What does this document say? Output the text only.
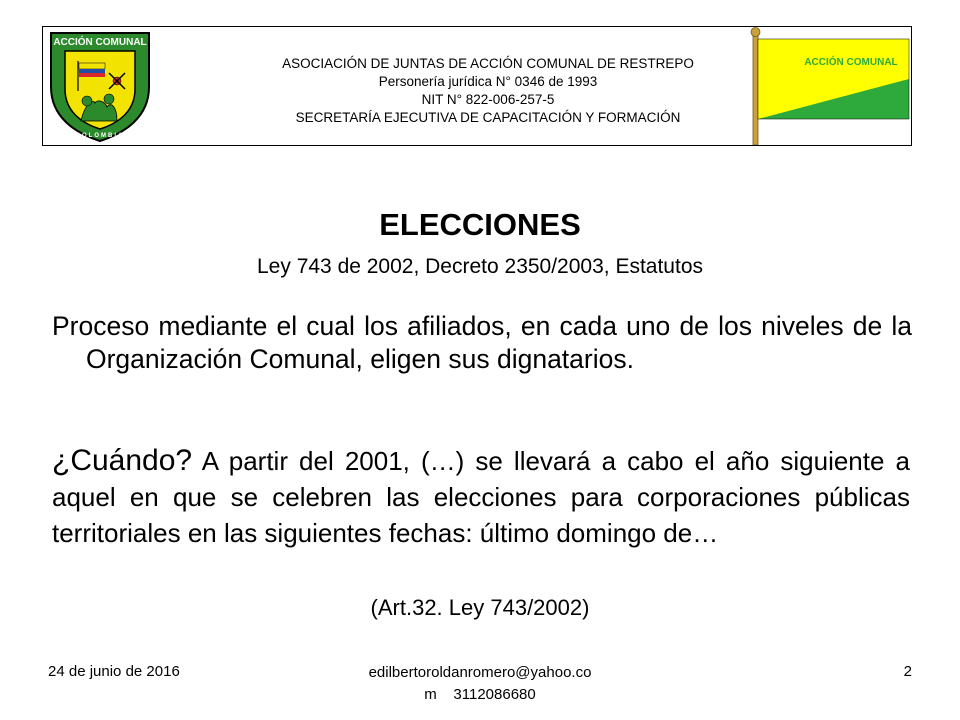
ACCIÓN COMUNAL
COLOMBIA
ASOCIACIÓN DE JUNTAS DE ACCIÓN COMUNAL DE RESTREPO
Personería jurídica N° 0346 de 1993
NIT N° 822-006-257-5
SECRETARÍA EJECUTIVA DE CAPACITACIÓN Y FORMACIÓN
ACCIÓN COMUNAL
ELECCIONES
Ley 743 de 2002, Decreto 2350/2003, Estatutos
Proceso mediante el cual los afiliados, en cada uno de los niveles de la Organización Comunal, eligen sus dignatarios.
¿Cuándo? A partir del 2001, (…) se llevará a cabo el año siguiente a aquel en que se celebren las elecciones para corporaciones públicas territoriales en las siguientes fechas: último domingo de…
(Art.32. Ley 743/2002)
24 de junio de 2016	edilbertoroldanromero@yahoo.co
m    3112086680
2
